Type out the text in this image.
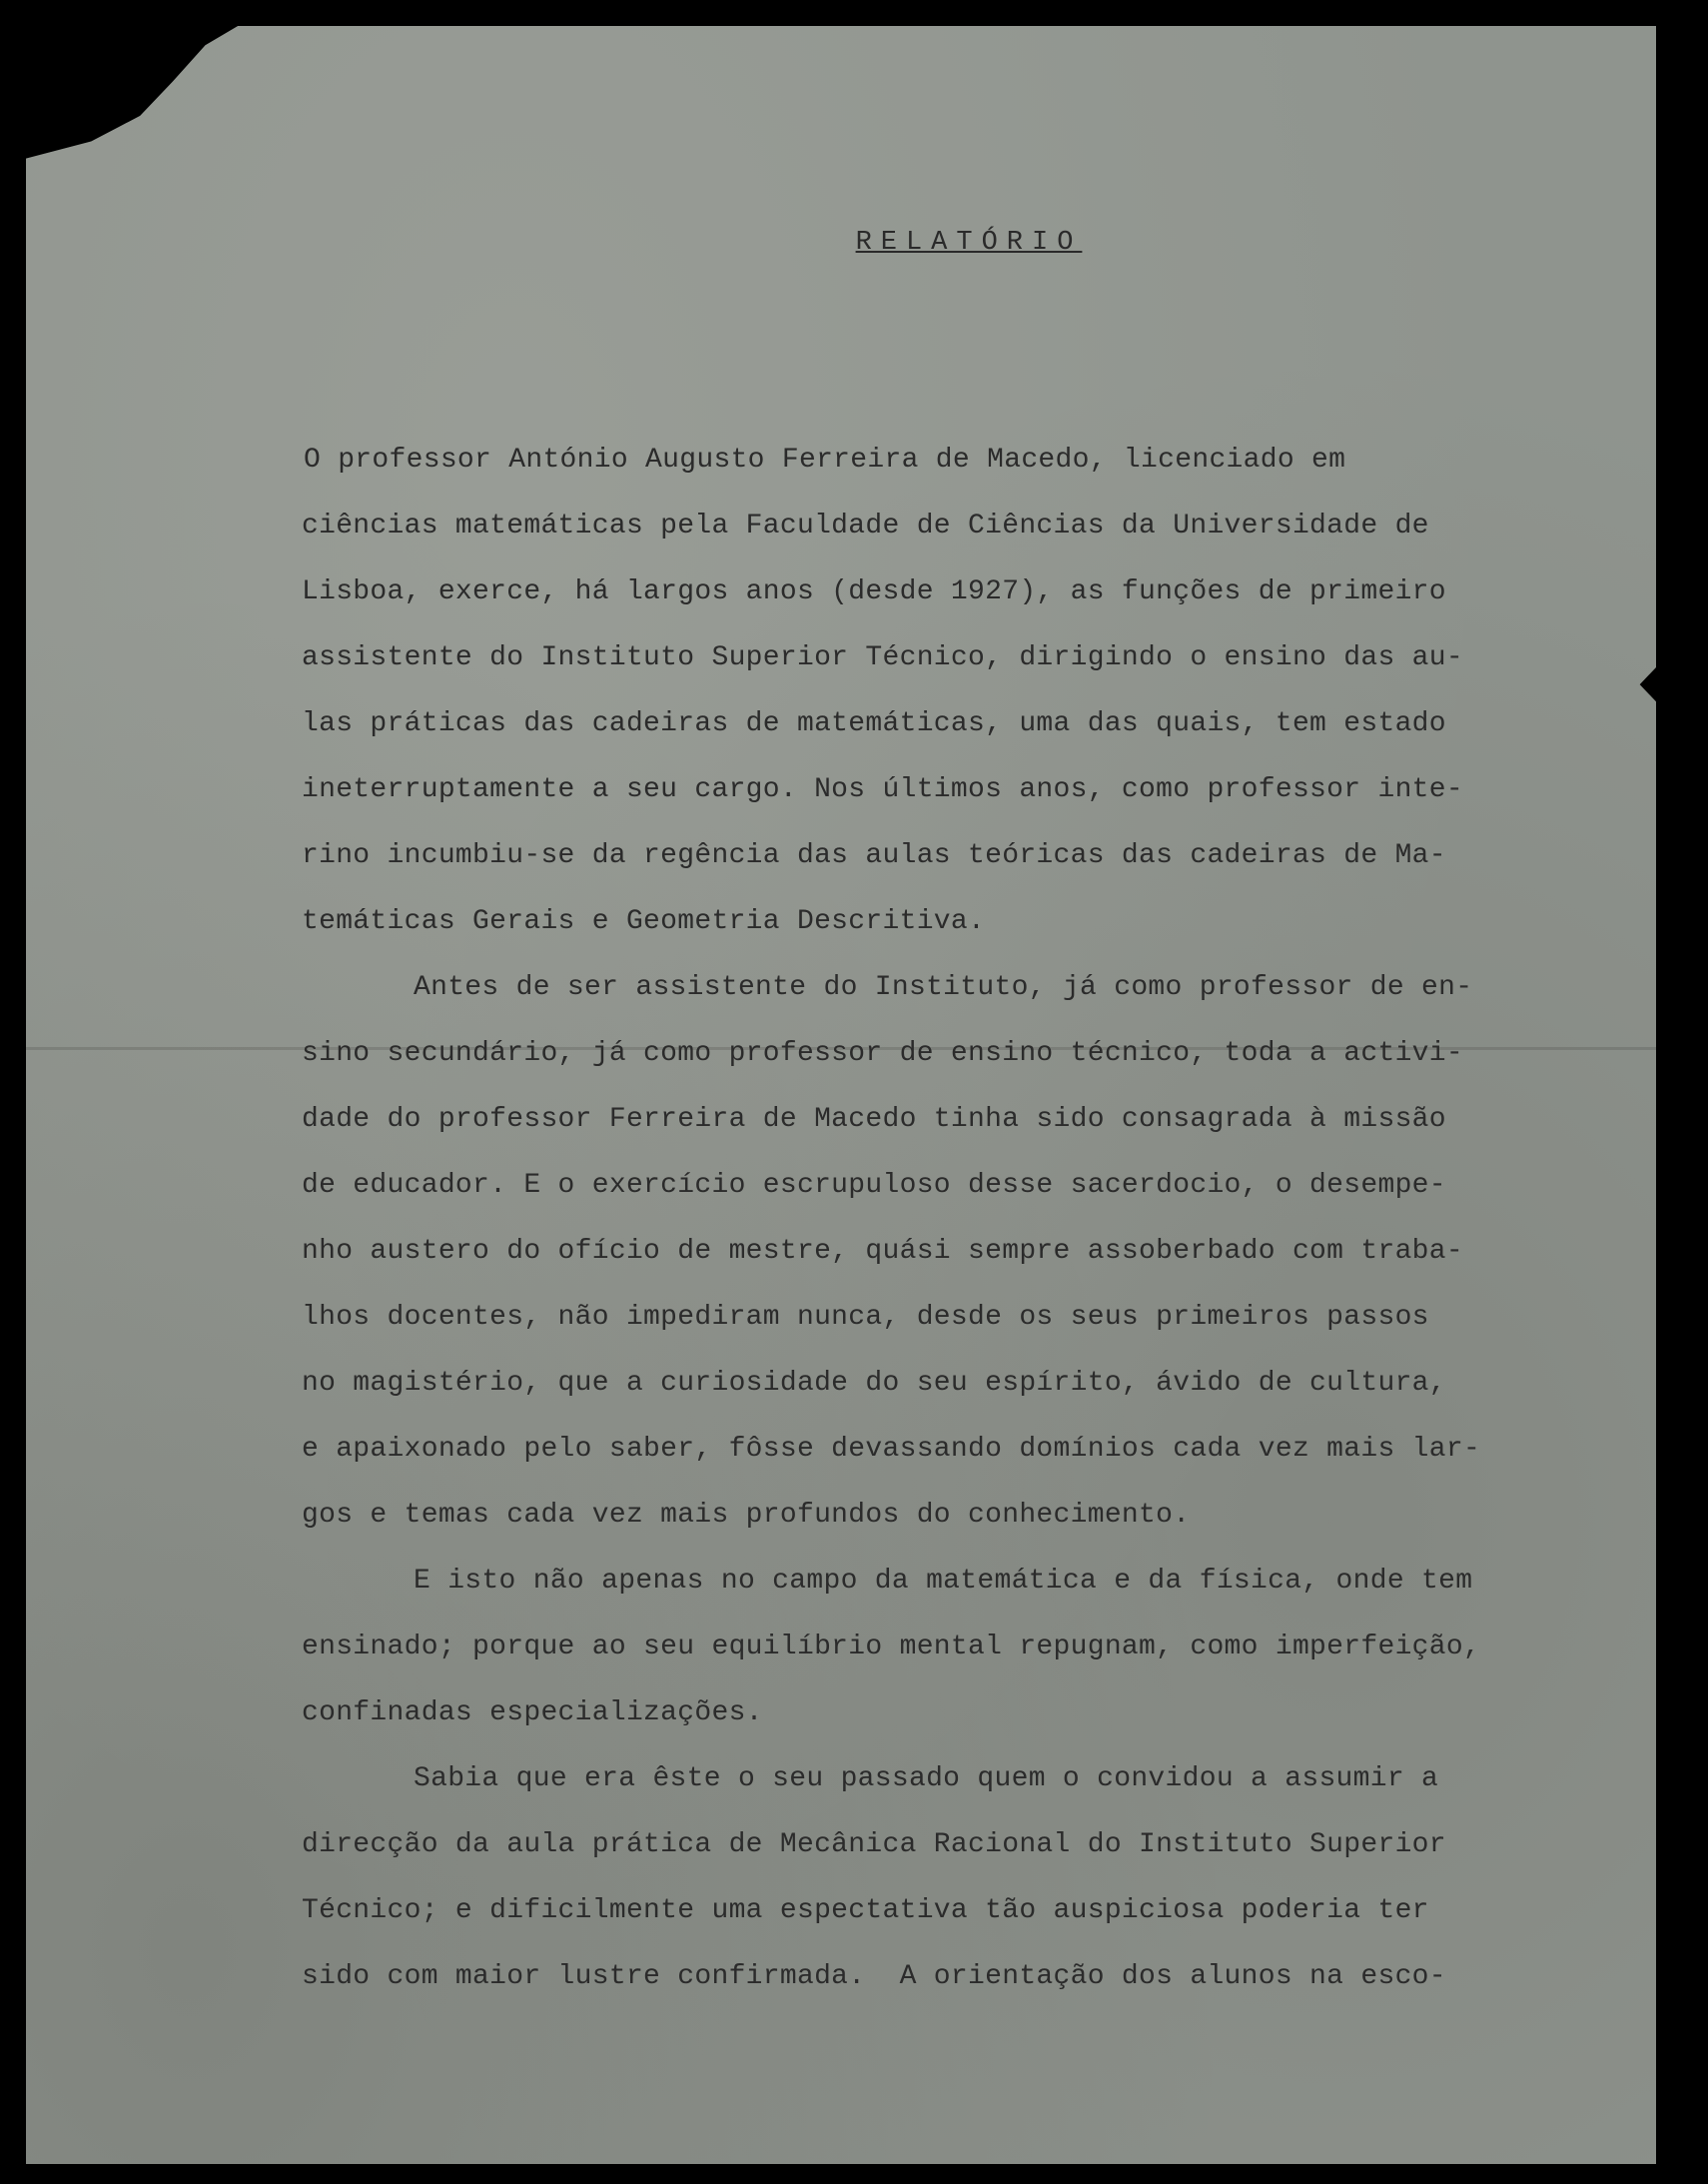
RELATÓRIO
O professor António Augusto Ferreira de Macedo, licenciado em
ciências matemáticas pela Faculdade de Ciências da Universidade de
Lisboa, exerce, há largos anos (desde 1927), as funções de primeiro
assistente do Instituto Superior Técnico, dirigindo o ensino das au-
las práticas das cadeiras de matemáticas, uma das quais, tem estado
ineterruptamente a seu cargo. Nos últimos anos, como professor inte-
rino incumbiu-se da regência das aulas teóricas das cadeiras de Ma-
temáticas Gerais e Geometria Descritiva.
Antes de ser assistente do Instituto, já como professor de en-
sino secundário, já como professor de ensino técnico, toda a activi-
dade do professor Ferreira de Macedo tinha sido consagrada à missão
de educador. E o exercício escrupuloso desse sacerdocio, o desempe-
nho austero do ofício de mestre, quási sempre assoberbado com traba-
lhos docentes, não impediram nunca, desde os seus primeiros passos
no magistério, que a curiosidade do seu espírito, ávido de cultura,
e apaixonado pelo saber, fôsse devassando domínios cada vez mais lar-
gos e temas cada vez mais profundos do conhecimento.
E isto não apenas no campo da matemática e da física, onde tem
ensinado; porque ao seu equilíbrio mental repugnam, como imperfeição,
confinadas especializações.
Sabia que era êste o seu passado quem o convidou a assumir a
direcção da aula prática de Mecânica Racional do Instituto Superior
Técnico; e dificilmente uma espectativa tão auspiciosa poderia ter
sido com maior lustre confirmada.  A orientação dos alunos na esco-
